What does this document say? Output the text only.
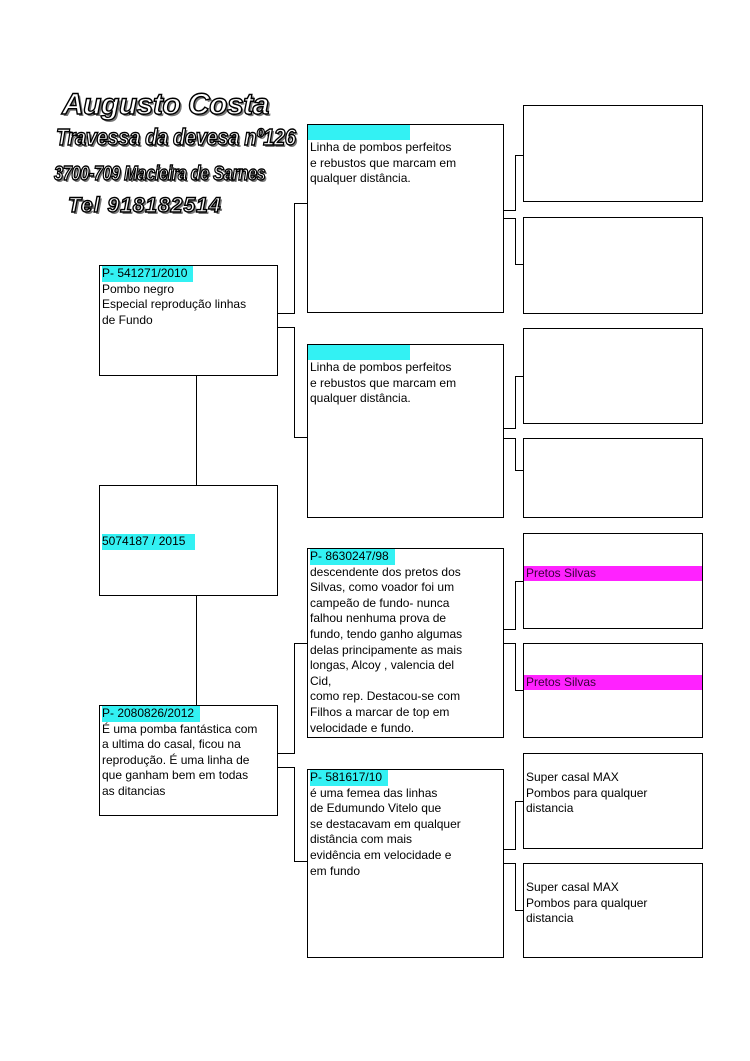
Augusto Costa
Travessa da devesa nº126
3700-709 Macieira de Sarnes
Tel 918182514
P- 541271/2010
Pombo negro
Especial reprodução linhas
de Fundo
5074187 / 2015
P- 2080826/2012
É uma pomba fantástica com
a ultima do casal, ficou na
reprodução. É uma linha de
que ganham bem em todas
as ditancias
Linha de pombos perfeitos
e rebustos que marcam em
qualquer distância.
Linha de pombos perfeitos
e rebustos que marcam em
qualquer distância.
P- 8630247/98
descendente dos pretos dos
Silvas, como voador foi um
campeão de fundo- nunca
falhou nenhuma prova de
fundo, tendo ganho algumas
delas principamente as mais
longas, Alcoy , valencia del
Cid,
como rep. Destacou-se com
Filhos a marcar de top em
velocidade e fundo.
P- 581617/10
é uma femea das linhas
de Edumundo Vitelo que
se destacavam em qualquer
distância com mais
evidência em velocidade e
em fundo
Pretos Silvas
Pretos Silvas
Super casal MAX
Pombos para qualquer
distancia
Super casal MAX
Pombos para qualquer
distancia
